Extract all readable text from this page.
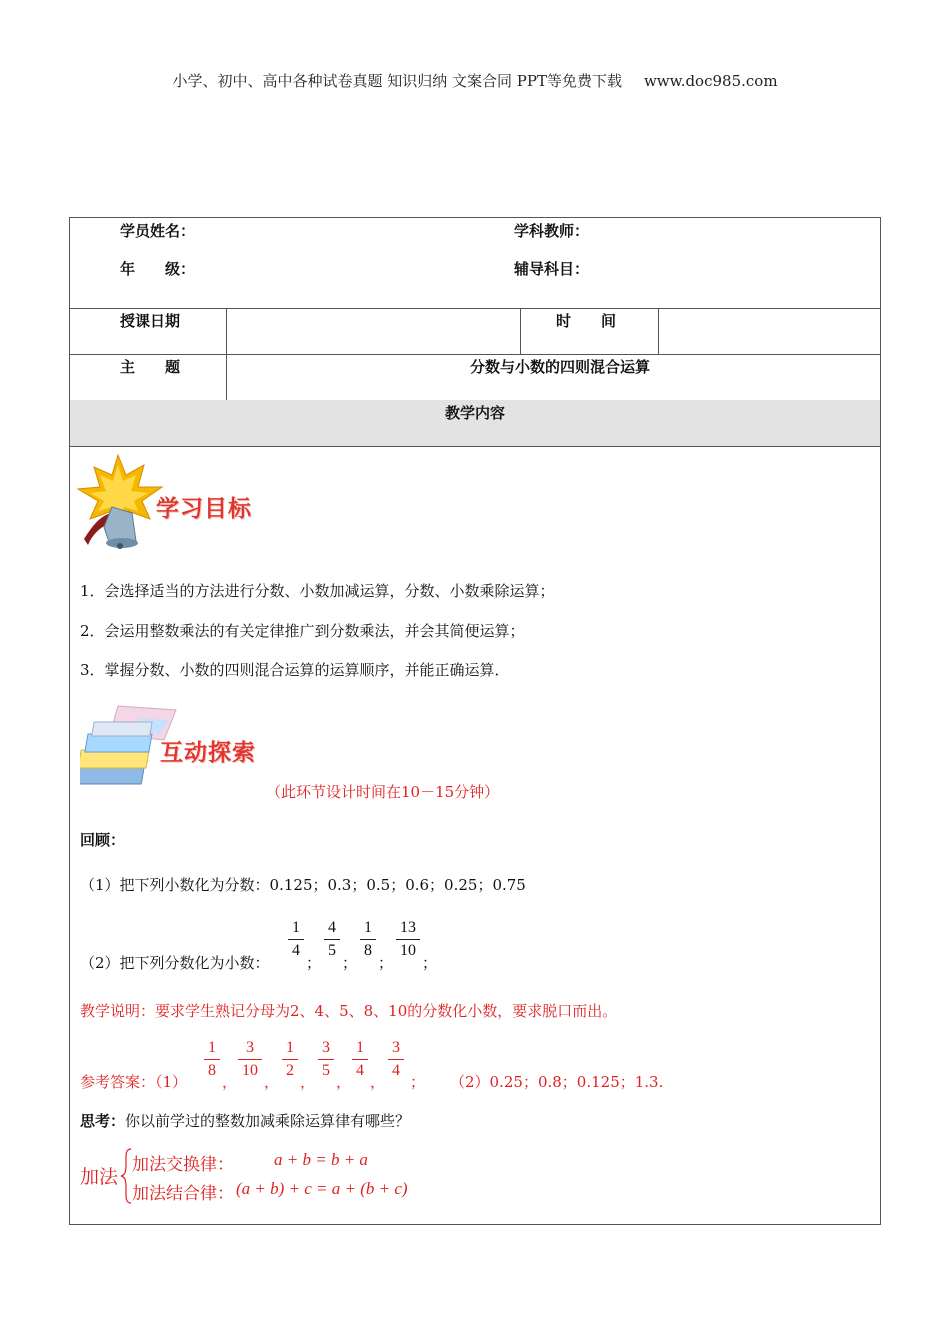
小学、初中、高中各种试卷真题 知识归纳 文案合同 PPT等免费下载 www.doc985.com
学员姓名：	学科教师：
年　　级：	辅导科目：
授课日期	时　　间
主　　题	分数与小数的四则混合运算
教学内容
学习目标
1．会选择适当的方法进行分数、小数加减运算，分数、小数乘除运算；
2．会运用整数乘法的有关定律推广到分数乘法，并会其简便运算；
3．掌握分数、小数的四则混合运算的运算顺序，并能正确运算．
互动探索
（此环节设计时间在10－15分钟）
回顾：
（1）把下列小数化为分数：0.125；0.3；0.5；0.6；0.25；0.75
（2）把下列分数化为小数：
1
4
；
4
5
；
1
8
；
13
10
；
教学说明：要求学生熟记分母为2、4、5、8、10的分数化小数，要求脱口而出。
参考答案：（1）
1
8
，
3
10
，
1
2
，
3
5
，
1
4
，
3
4
； （2）0.25；0.8；0.125；1.3.
思考：你以前学过的整数加减乘除运算律有哪些？
加法
加法交换律： a + b = b + a
加法结合律： (a + b) + c = a + (b + c)
